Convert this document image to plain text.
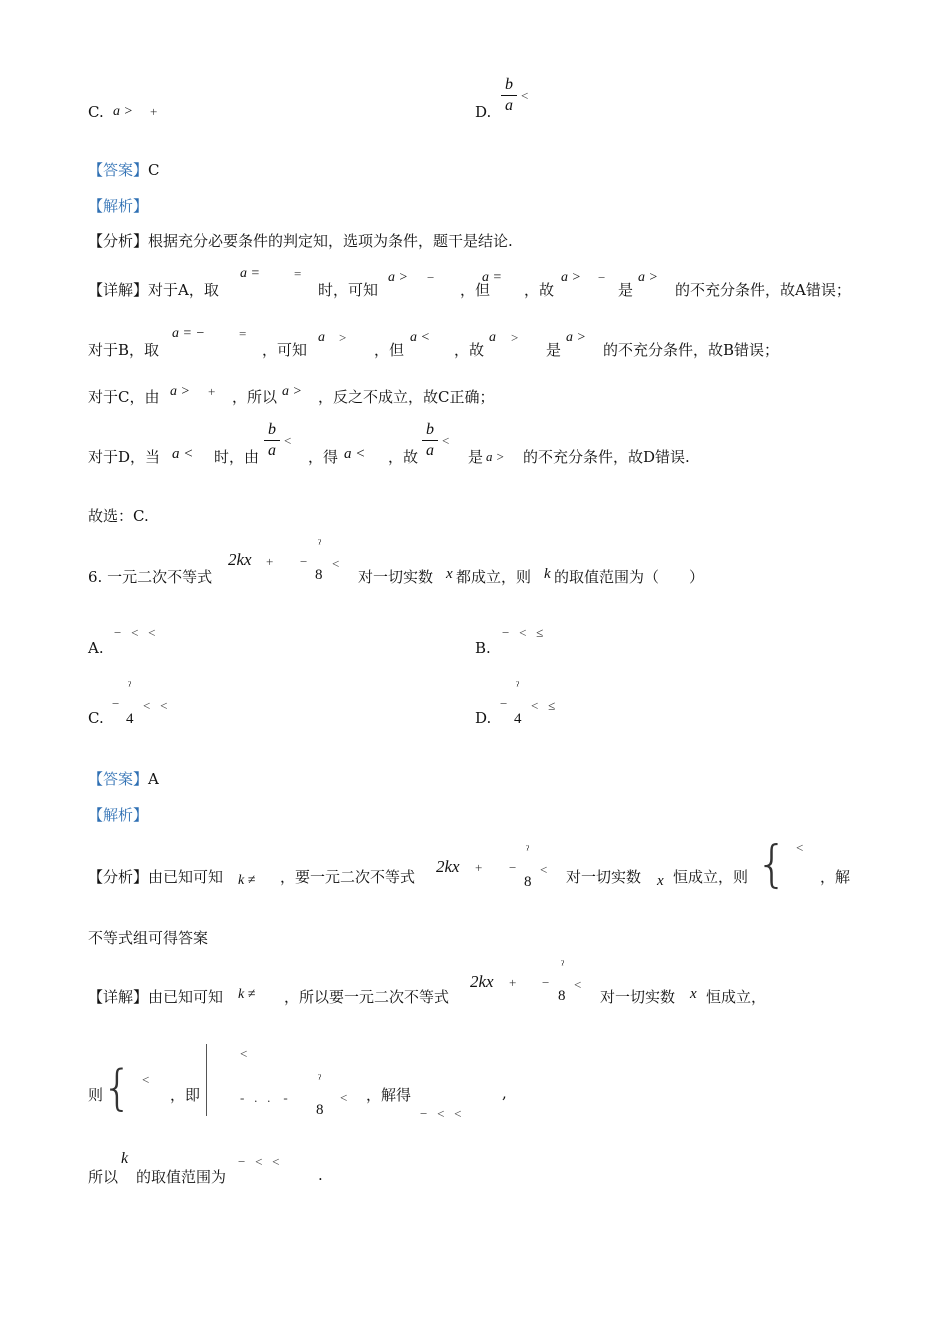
C. a > +	D.
b
a
<
【答案】C
【解析】
【分析】根据充分必要条件的判定知，选项为条件，题干是结论.
【详解】对于A，取
a =	=
时，可知
a > −
，但
a =
，故
a > −
是
a >
的不充分条件，故A错误；
对于B，取
a = −	=
，可知
a >
，但
a <
，故
a >
是
a >
的不充分条件，故B错误；
对于C，由 a > + ，所以 a > ，反之不成立，故C正确；
对于D，当 a < 时，由
b
a
<
，得 a < ，故
b
a
<
是 a > 的不充分条件，故D错误.
故选：C.
6. 一元二次不等式
2kx + −
ˀ
8
<
对一切实数 x 都成立，则 k 的取值范围为（　　）
A.
−   <   <
B.
−   <   ≤
C.
ˀ
−
4
<   <
D.
ˀ
−
4
<   ≤
【答案】A
【解析】
【分析】由已知可知 k ≠ ，要一元二次不等式
2kx + −
ˀ
8
< 对一切实数 x 恒成立，则 { <
，解
不等式组可得答案
【详解】由已知可知 k ≠ ，所以要一元二次不等式
2kx + −
ˀ
8
<
对一切实数 x 恒成立，
则
{ <
，即
<
-   .   .    -
ˀ
8
< ，解得
−   <   <
,
所以
k
的取值范围为
−   <   <
.
